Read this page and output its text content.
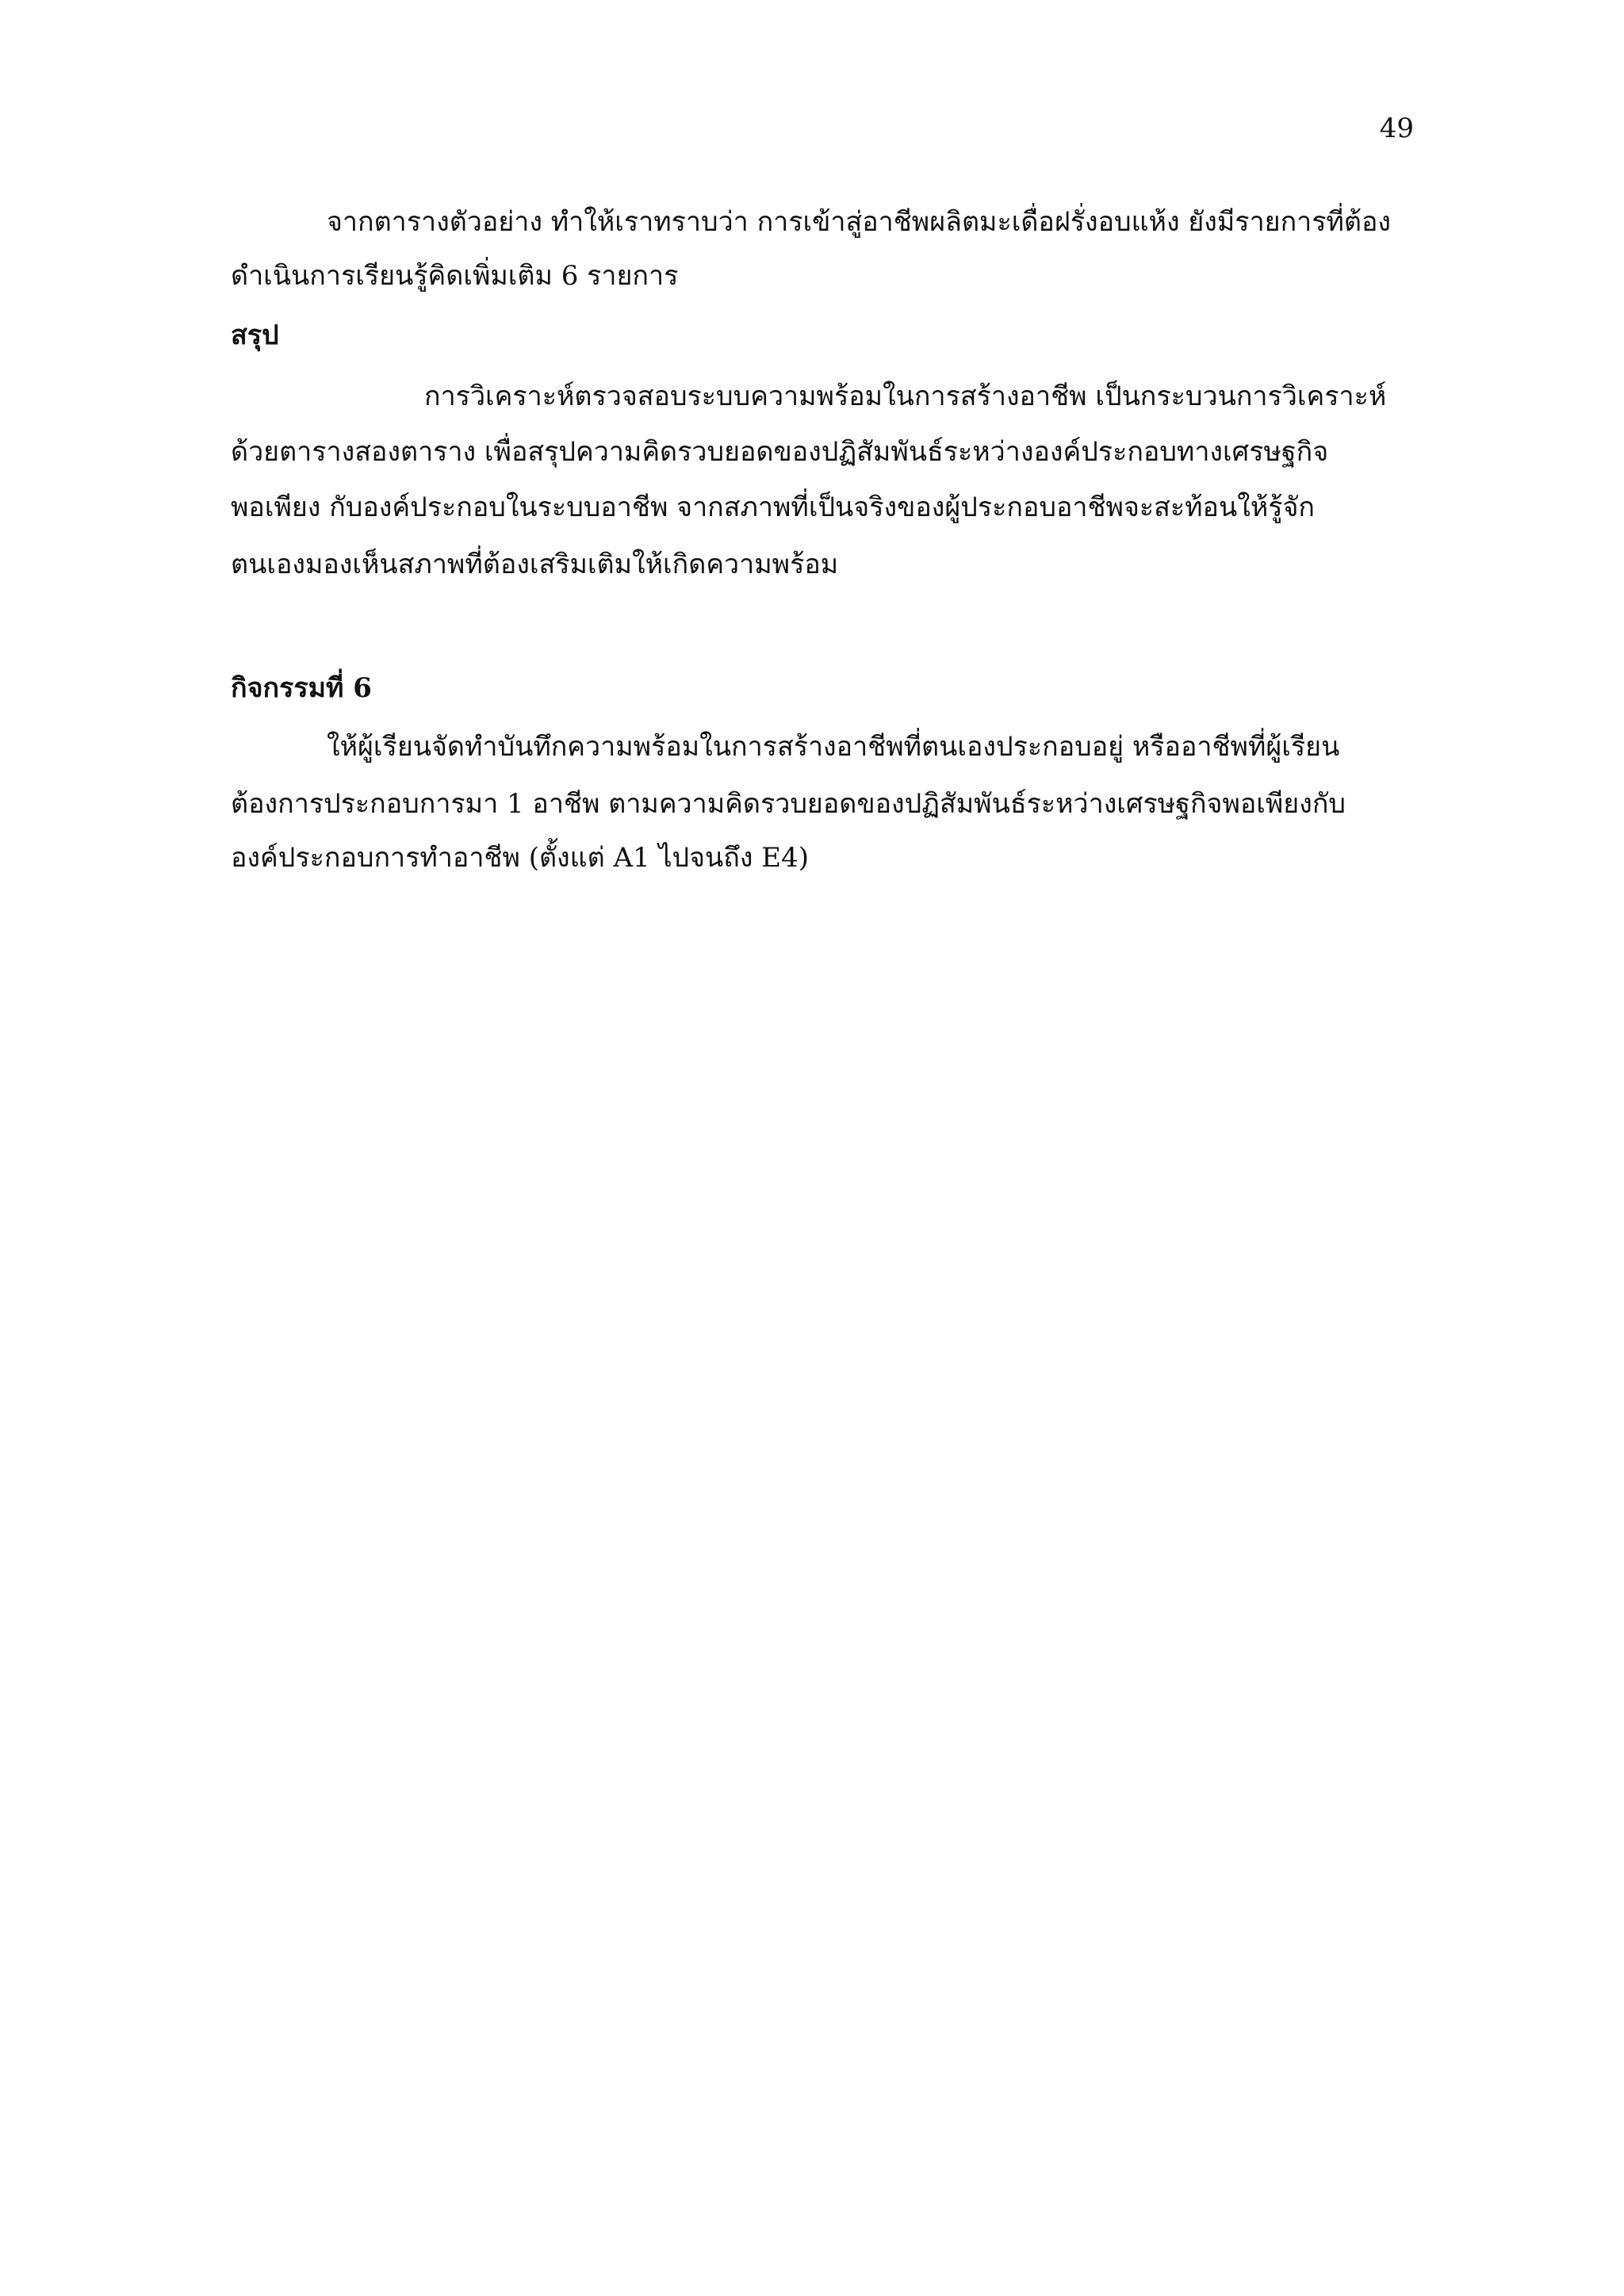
49
จากตารางตัวอย่าง ทำให้เราทราบว่า การเข้าสู่อาชีพผลิตมะเดื่อฝรั่งอบแห้ง ยังมีรายการที่ต้อง
ดำเนินการเรียนรู้คิดเพิ่มเติม 6 รายการ
สรุป
การวิเคราะห์ตรวจสอบระบบความพร้อมในการสร้างอาชีพ เป็นกระบวนการวิเคราะห์
ด้วยตารางสองตาราง เพื่อสรุปความคิดรวบยอดของปฏิสัมพันธ์ระหว่างองค์ประกอบทางเศรษฐกิจ
พอเพียง กับองค์ประกอบในระบบอาชีพ จากสภาพที่เป็นจริงของผู้ประกอบอาชีพจะสะท้อนให้รู้จัก
ตนเองมองเห็นสภาพที่ต้องเสริมเติมให้เกิดความพร้อม
กิจกรรมที่ 6
ให้ผู้เรียนจัดทำบันทึกความพร้อมในการสร้างอาชีพที่ตนเองประกอบอยู่ หรืออาชีพที่ผู้เรียน
ต้องการประกอบการมา 1 อาชีพ ตามความคิดรวบยอดของปฏิสัมพันธ์ระหว่างเศรษฐกิจพอเพียงกับ
องค์ประกอบการทำอาชีพ (ตั้งแต่ A1 ไปจนถึง E4)
